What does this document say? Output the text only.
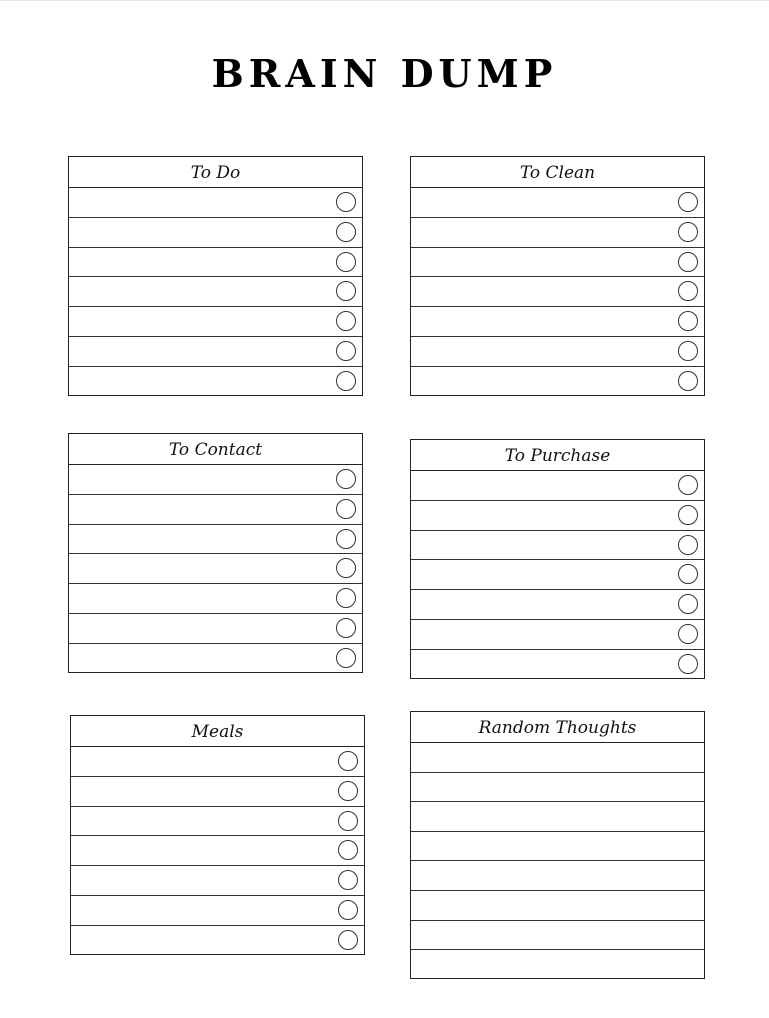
BRAIN DUMP
To Do	To Clean
To Contact	To Purchase
Meals	Random Thoughts
